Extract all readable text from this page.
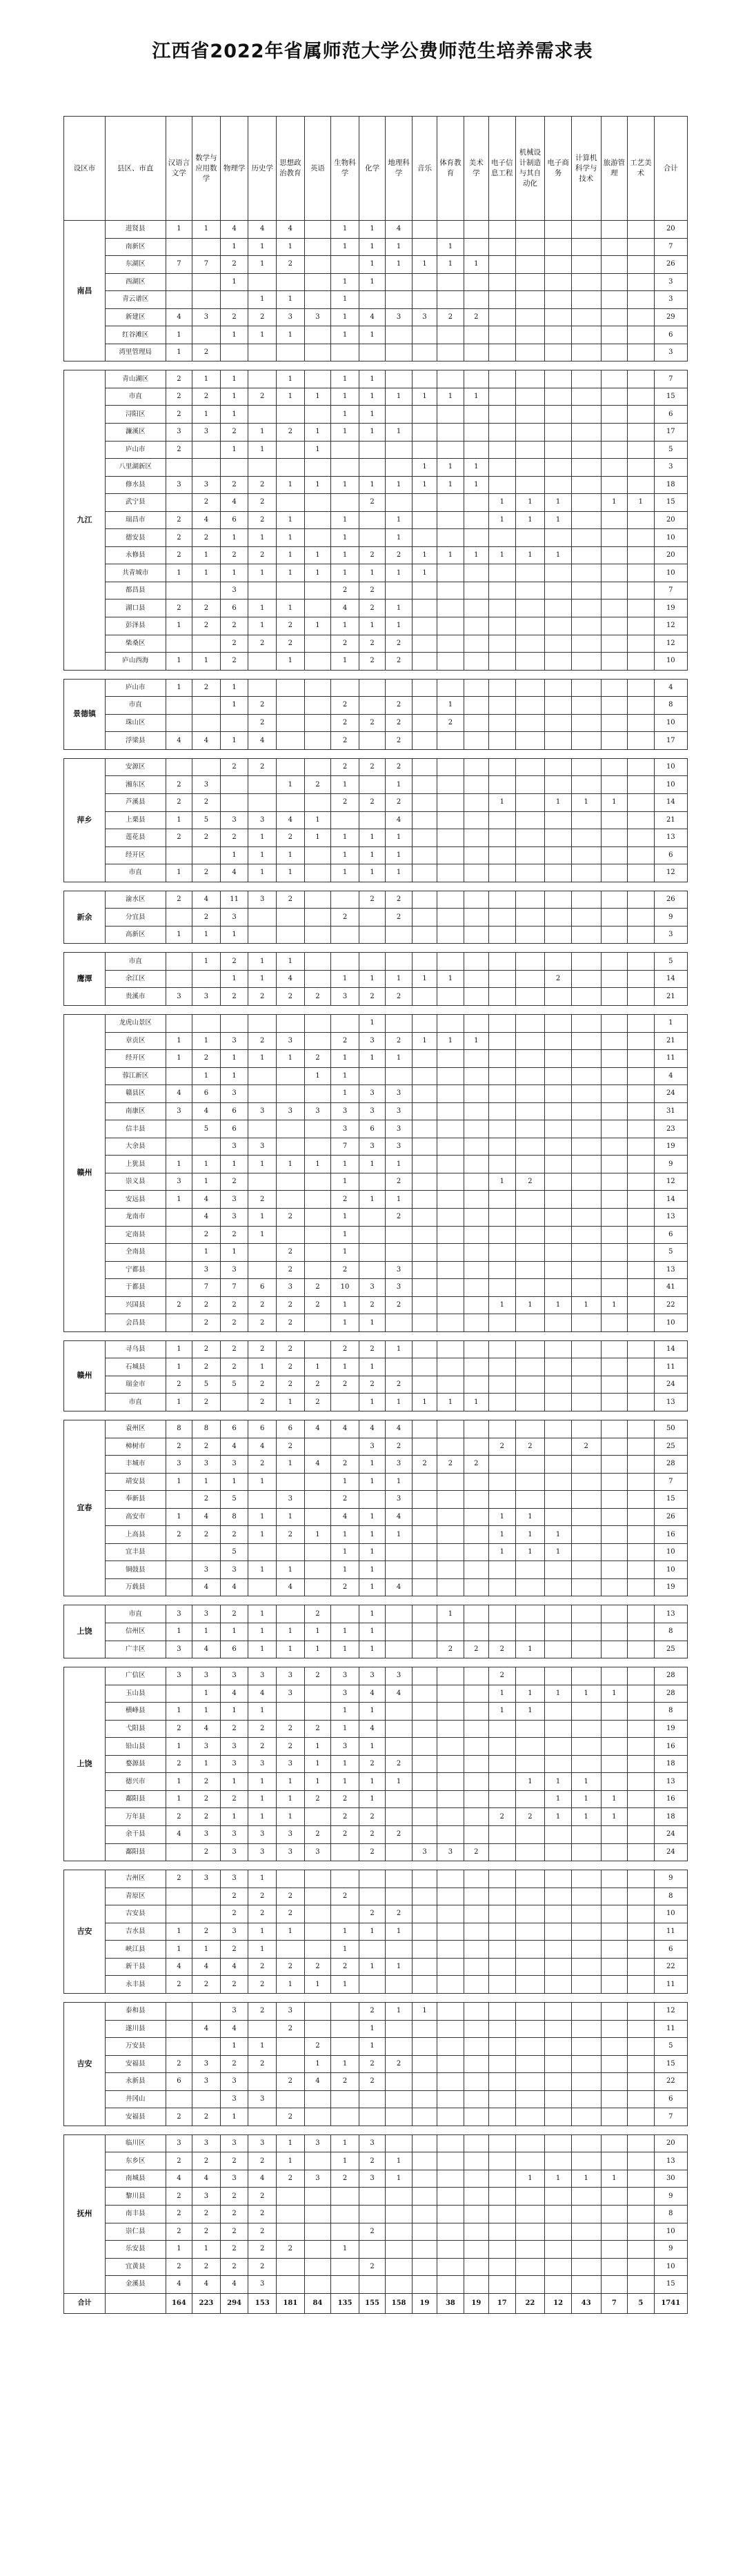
江西省2022年省属师范大学公费师范生培养需求表
设区市	县区、市直	汉语言文学	数学与应用数学	物理学	历史学	思想政治教育	英语	生物科学	化学	地理科学	音乐	体育教育	美术学	电子信息工程	机械设计制造与其自动化	电子商务	计算机科学与技术	旅游管理	工艺美术	合计

南昌	进贤县	1	1	4	4	4		1	1	4										20
	南新区			1	1	1		1	1	1		1								7
	东湖区	7	7	2	1	2			1	1	1	1	1							26
	西湖区			1				1	1											3
	青云谱区				1	1		1												3
	新建区	4	3	2	2	3	3	1	4	3	3	2	2							29
	红谷滩区	1		1	1	1		1	1											6
	湾里管理局	1	2																	3

九江	青山湖区	2	1	1		1		1	1											7
	市直	2	2	1	2	1	1	1	1	1	1	1	1							15
	浔阳区	2	1	1				1	1											6
	濂溪区	3	3	2	1	2	1	1	1	1										17
	庐山市	2		1	1		1													5
	八里湖新区										1	1	1							3
	修水县	3	3	2	2	1	1	1	1	1	1	1	1							18
	武宁县		2	4	2				2					1	1	1		1	1	15
	瑞昌市	2	4	6	2	1		1		1				1	1	1				20
	德安县	2	2	1	1	1		1		1										10
	永修县	2	1	2	2	1	1	1	2	2	1	1	1	1	1	1				20
	共青城市	1	1	1	1	1	1	1	1	1	1									10
	都昌县			3				2	2											7
	湖口县	2	2	6	1	1		4	2	1										19
	彭泽县	1	2	2	1	2	1	1	1	1										12
	柴桑区			2	2	2		2	2	2										12
	庐山西海	1	1	2		1		1	2	2										10

景德镇	庐山市	1	2	1																4
	市直			1	2			2		2		1								8
	珠山区				2			2	2	2		2								10
	浮梁县	4	4	1	4			2		2										17

萍乡	安源区			2	2			2	2	2										10
	湘东区	2	3			1	2	1		1										10
	芦溪县	2	2					2	2	2				1		1	1	1		14
	上栗县	1	5	3	3	4	1			4										21
	莲花县	2	2	2	1	2	1	1	1	1										13
	经开区			1	1	1		1	1	1										6
	市直	1	2	4	1	1		1	1	1										12

新余	渝水区	2	4	11	3	2			2	2										26
	分宜县		2	3				2		2										9
	高新区	1	1	1																3

鹰潭	市直		1	2	1	1														5
	余江区			1	1	4		1	1	1	1	1				2				14
	贵溪市	3	3	2	2	2	2	3	2	2										21

赣州	龙虎山景区								1											1
	章贡区	1	1	3	2	3		2	3	2	1	1	1							21
	经开区	1	2	1	1	1	2	1	1	1										11
	蓉江新区		1	1			1	1												4
	赣县区	4	6	3				1	3	3										24
	南康区	3	4	6	3	3	3	3	3	3										31
	信丰县		5	6				3	6	3										23
	大余县			3	3			7	3	3										19
	上犹县	1	1	1	1	1	1	1	1	1										9
	崇义县	3	1	2				1		2				1	2					12
	安远县	1	4	3	2			2	1	1										14
	龙南市		4	3	1	2		1		2										13
	定南县		2	2	1			1												6
	全南县		1	1		2		1												5
	宁都县		3	3		2		2		3										13
	于都县		7	7	6	3	2	10	3	3										41
	兴国县	2	2	2	2	2	2	1	2	2				1	1	1	1	1		22
	会昌县		2	2	2	2		1	1											10

赣州	寻乌县	1	2	2	2	2		2	2	1										14
	石城县	1	2	2	1	2	1	1	1											11
	瑞金市	2	5	5	2	2	2	2	2	2										24
	市直	1	2		2	1	2		1	1	1	1	1							13

宜春	袁州区	8	8	6	6	6	4	4	4	4										50
	樟树市	2	2	4	4	2			3	2				2	2		2			25
	丰城市	3	3	3	2	1	4	2	1	3	2	2	2							28
	靖安县	1	1	1	1			1	1	1										7
	奉新县		2	5		3		2		3										15
	高安市	1	4	8	1	1		4	1	4				1	1					26
	上高县	2	2	2	1	2	1	1	1	1				1	1	1				16
	宜丰县			5				1	1					1	1	1				10
	铜鼓县		3	3	1	1		1	1											10
	万载县		4	4		4		2	1	4										19

上饶	市直	3	3	2	1		2		1			1								13
	信州区	1	1	1	1	1	1	1	1											8
	广丰区	3	4	6	1	1	1	1	1			2	2	2	1					25

上饶	广信区	3	3	3	3	3	2	3	3	3				2						28
	玉山县		1	4	4	3		3	4	4				1	1	1	1	1		28
	横峰县	1	1	1	1			1	1					1	1					8
	弋阳县	2	4	2	2	2	2	1	4											19
	铅山县	1	3	3	2	2	1	3	1											16
	婺源县	2	1	3	3	3	1	1	2	2										18
	德兴市	1	2	1	1	1	1	1	1	1					1	1	1			13
	鄱阳县	1	2	2	1	1	2	2	1							1	1	1		16
	万年县	2	2	1	1	1		2	2					2	2	1	1	1		18
	余干县	4	3	3	3	3	2	2	2	2										24
	鄱阳县		2	3	3	3	3		2		3	3	2							24

吉安	吉州区	2	3	3	1															9
	青原区			2	2	2		2												8
	吉安县			2	2	2			2	2										10
	吉水县	1	2	3	1	1		1	1	1										11
	峡江县	1	1	2	1			1												6
	新干县	4	4	4	2	2	2	2	1	1										22
	永丰县	2	2	2	2	1	1	1												11

吉安	泰和县			3	2	3			2	1	1									12
	遂川县		4	4		2			1											11
	万安县			1	1		2		1											5
	安福县	2	3	2	2		1	1	2	2										15
	永新县	6	3	3		2	4	2	2											22
	井冈山			3	3															6
	安福县	2	2	1		2														7

抚州	临川区	3	3	3	3	1	3	1	3											20
	东乡区	2	2	2	2	1		1	2	1										13
	南城县	4	4	3	4	2	3	2	3	1					1	1	1	1		30
	黎川县	2	3	2	2															9
	南丰县	2	2	2	2															8
	崇仁县	2	2	2	2				2											10
	乐安县	1	1	2	2	2		1												9
	宜黄县	2	2	2	2				2											10
	金溪县	4	4	4	3															15
合计		164	223	294	153	181	84	135	155	158	19	38	19	17	22	12	43	7	5	1741
